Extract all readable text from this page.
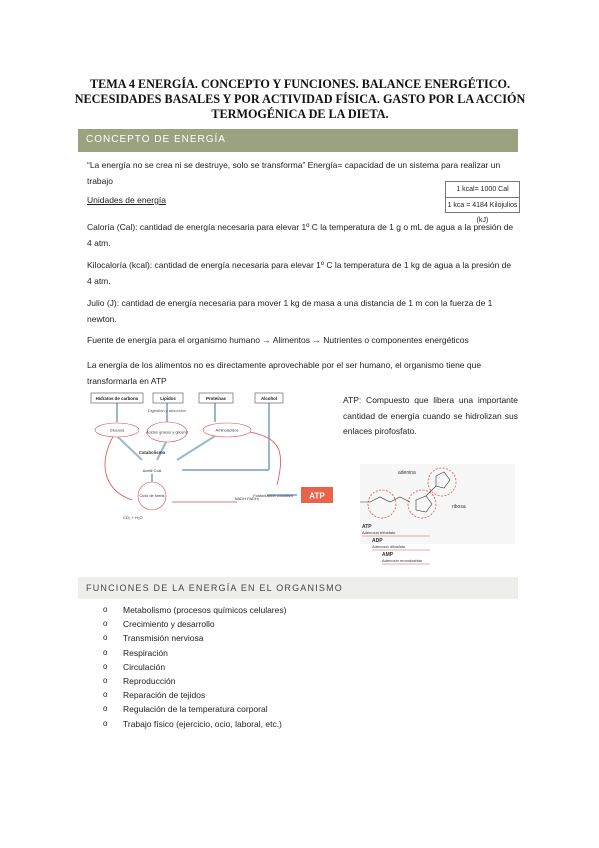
TEMA 4 ENERGÍA. CONCEPTO Y FUNCIONES. BALANCE ENERGÉTICO. NECESIDADES BASALES Y POR ACTIVIDAD FÍSICA. GASTO POR LA ACCIÓN TERMOGÉNICA DE LA DIETA.
CONCEPTO DE ENERGÍA
“La energía no se crea ni se destruye, solo se transforma” Energía= capacidad de un sistema para realizar un trabajo
Unidades de energía
1 kcal= 1000 Cal
1 kca = 4184 Kilojulios (kJ)
Caloría (Cal): cantidad de energía necesaria para elevar 1º C la temperatura de 1 g o mL de agua a la presión de 4 atm.
Kilocaloría (kcal): cantidad de energía necesaria para elevar 1º C la temperatura de 1 kg de agua a la presión de 4 atm.
Julio (J): cantidad de energía necesaria para mover 1 kg de masa a una distancia de 1 m con la fuerza de 1 newton.
Fuente de energía para el organismo humano → Alimentos → Nutrientes o componentes energéticos
La energía de los alimentos no es directamente aprovechable por el ser humano, el organismo tiene que transformarla en ATP
Hidratos de carbono	Lípidos	Proteínas	Alcohol
Digestión y absorción
Glucosa	Ácidos grasos y glicerol	Aminoácidos
Catabolismo
Acetil CoA
Ciclo de krebs
CO₂ + H₂O
NADH FADH₂
Fosforilación oxidativa ATP
ATP: Compuesto que libera una importante cantidad de energía cuando se hidrolizan sus enlaces pirofosfato.
adenina
ribosa
ATP
Adenosín trifosfato
ADP
Adenosín difosfato
AMP
Adenosín monofosfato
FUNCIONES DE LA ENERGÍA EN EL ORGANISMO
o Metabolismo (procesos químicos celulares)
o Crecimiento y desarrollo
o Transmisión nerviosa
o Respiración
o Circulación
o Reproducción
o Reparación de tejidos
o Regulación de la temperatura corporal
o Trabajo físico (ejercicio, ocio, laboral, etc.)
